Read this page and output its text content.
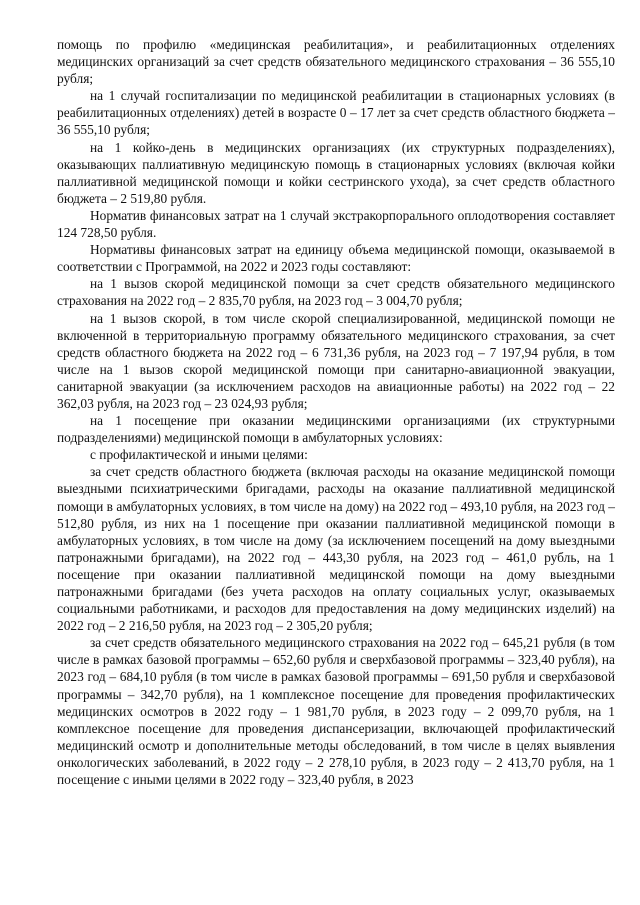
помощь по профилю «медицинская реабилитация», и реабилитационных отделениях медицинских организаций за счет средств обязательного медицинского страхования – 36 555,10 рубля;

на 1 случай госпитализации по медицинской реабилитации в стационарных условиях (в реабилитационных отделениях) детей в возрасте 0 – 17 лет за счет средств областного бюджета – 36 555,10 рубля;

на 1 койко-день в медицинских организациях (их структурных подразделениях), оказывающих паллиативную медицинскую помощь в стационарных условиях (включая койки паллиативной медицинской помощи и койки сестринского ухода), за счет средств областного бюджета – 2 519,80 рубля.

Норматив финансовых затрат на 1 случай экстракорпорального оплодотворения составляет 124 728,50 рубля.

Нормативы финансовых затрат на единицу объема медицинской помощи, оказываемой в соответствии с Программой, на 2022 и 2023 годы составляют:

на 1 вызов скорой медицинской помощи за счет средств обязательного медицинского страхования на 2022 год – 2 835,70 рубля, на 2023 год – 3 004,70 рубля;

на 1 вызов скорой, в том числе скорой специализированной, медицинской помощи не включенной в территориальную программу обязательного медицинского страхования, за счет средств областного бюджета на 2022 год – 6 731,36 рубля, на 2023 год – 7 197,94 рубля, в том числе на 1 вызов скорой медицинской помощи при санитарно-авиационной эвакуации, санитарной эвакуации (за исключением расходов на авиационные работы) на 2022 год – 22 362,03 рубля, на 2023 год – 23 024,93 рубля;

на 1 посещение при оказании медицинскими организациями (их структурными подразделениями) медицинской помощи в амбулаторных условиях:

с профилактической и иными целями:

за счет средств областного бюджета (включая расходы на оказание медицинской помощи выездными психиатрическими бригадами, расходы на оказание паллиативной медицинской помощи в амбулаторных условиях, в том числе на дому) на 2022 год – 493,10 рубля, на 2023 год – 512,80 рубля, из них на 1 посещение при оказании паллиативной медицинской помощи в амбулаторных условиях, в том числе на дому (за исключением посещений на дому выездными патронажными бригадами), на 2022 год – 443,30 рубля, на 2023 год – 461,0 рубль, на 1 посещение при оказании паллиативной медицинской помощи на дому выездными патронажными бригадами (без учета расходов на оплату социальных услуг, оказываемых социальными работниками, и расходов для предоставления на дому медицинских изделий) на 2022 год – 2 216,50 рубля, на 2023 год – 2 305,20 рубля;

за счет средств обязательного медицинского страхования на 2022 год – 645,21 рубля (в том числе в рамках базовой программы – 652,60 рубля и сверхбазовой программы – 323,40 рубля), на 2023 год – 684,10 рубля (в том числе в рамках базовой программы – 691,50 рубля и сверхбазовой программы – 342,70 рубля), на 1 комплексное посещение для проведения профилактических медицинских осмотров в 2022 году – 1 981,70 рубля, в 2023 году – 2 099,70 рубля, на 1 комплексное посещение для проведения диспансеризации, включающей профилактический медицинский осмотр и дополнительные методы обследований, в том числе в целях выявления онкологических заболеваний, в 2022 году – 2 278,10 рубля, в 2023 году – 2 413,70 рубля, на 1 посещение с иными целями в 2022 году – 323,40 рубля, в 2023
